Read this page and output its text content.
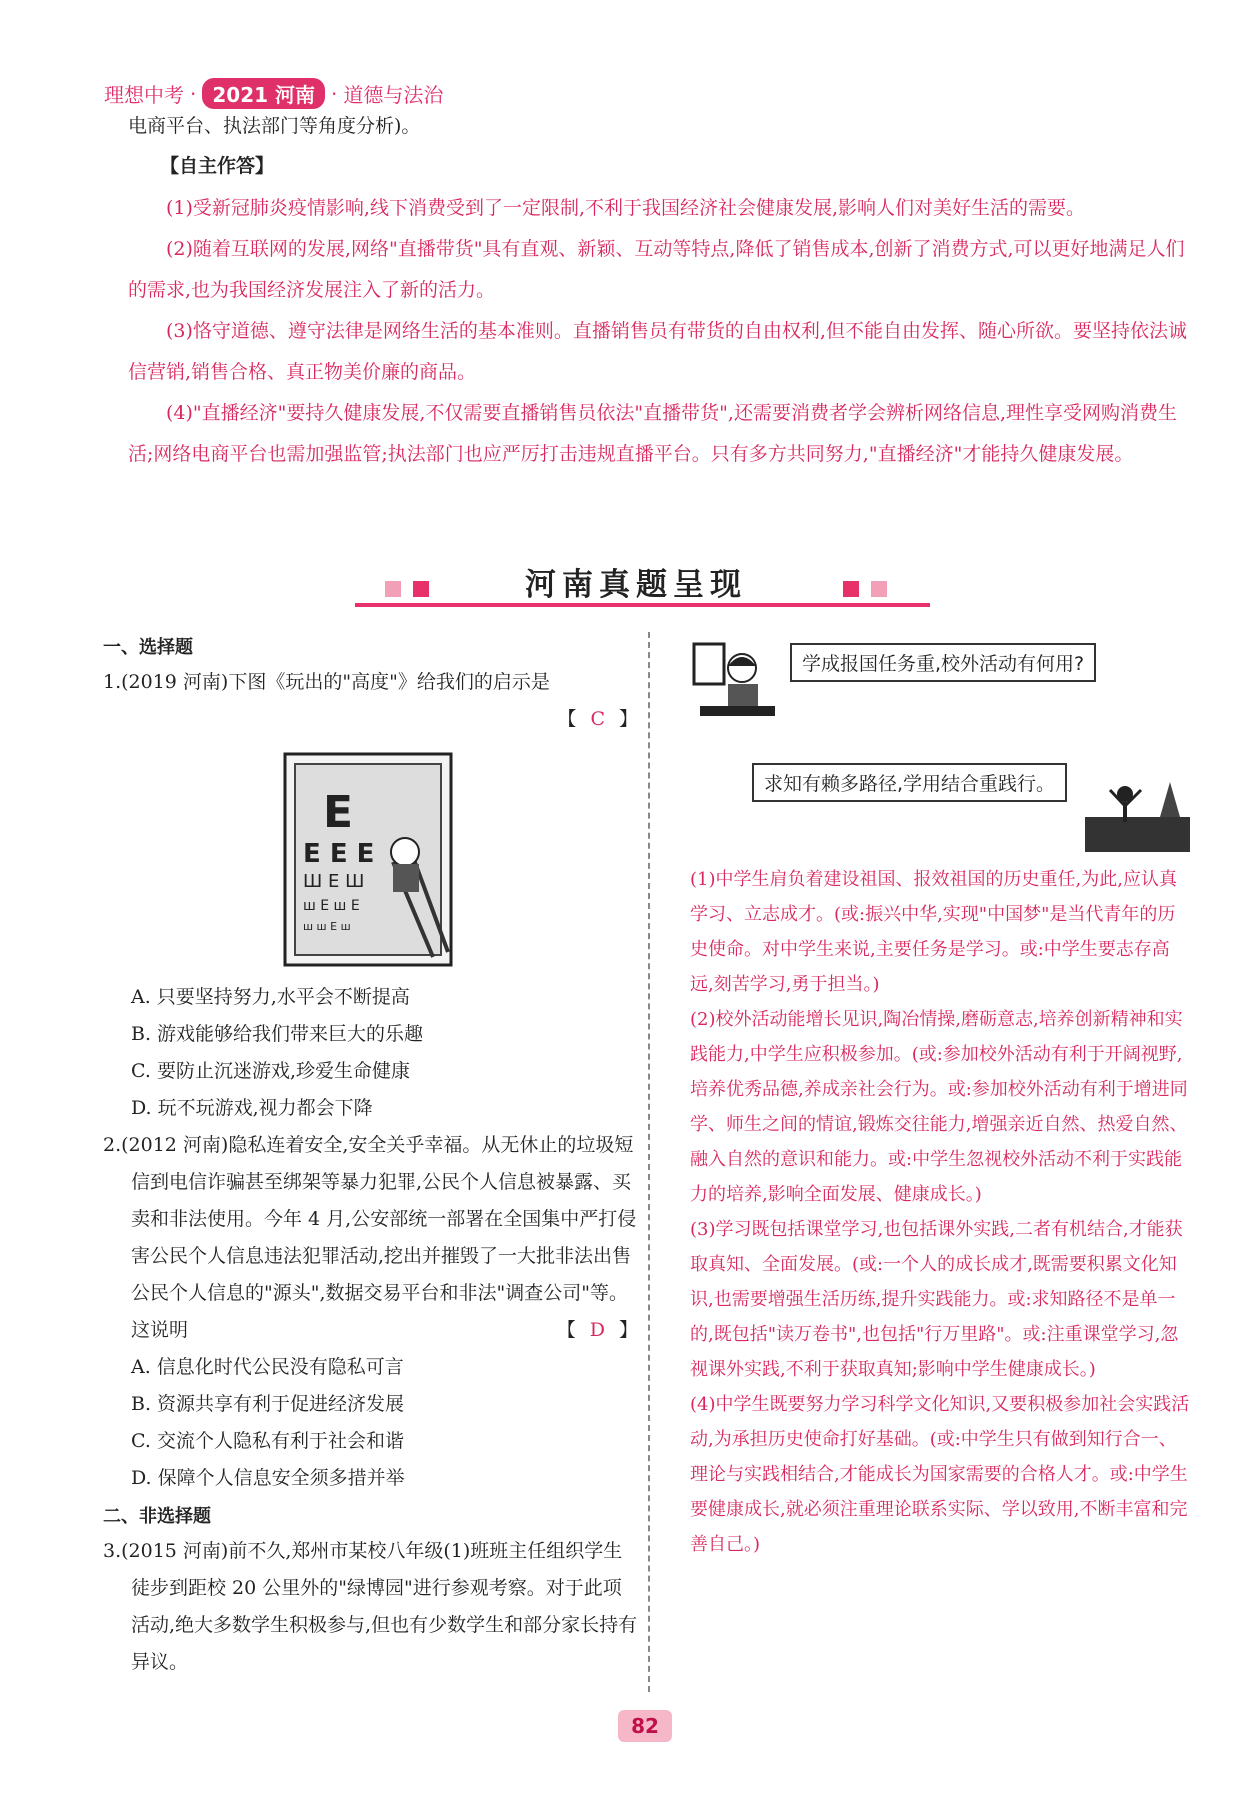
理想中考 · 2021 河南 · 道德与法治
电商平台、执法部门等角度分析)。
【自主作答】

(1)受新冠肺炎疫情影响,线下消费受到了一定限制,不利于我国经济社会健康发展,影响人们对美好生活的需要。

(2)随着互联网的发展,网络"直播带货"具有直观、新颖、互动等特点,降低了销售成本,创新了消费方式,可以更好地满足人们的需求,也为我国经济发展注入了新的活力。

(3)恪守道德、遵守法律是网络生活的基本准则。直播销售员有带货的自由权利,但不能自由发挥、随心所欲。要坚持依法诚信营销,销售合格、真正物美价廉的商品。

(4)"直播经济"要持久健康发展,不仅需要直播销售员依法"直播带货",还需要消费者学会辨析网络信息,理性享受网购消费生活;网络电商平台也需加强监管;执法部门也应严厉打击违规直播平台。只有多方共同努力,"直播经济"才能持久健康发展。

河南真题呈现
一、选择题
1.(2019 河南)下图《玩出的"高度"》给我们的启示是
【 C 】
E
E E E
Ш E Ш
ш E ш E
ш ш E ш
A. 只要坚持努力,水平会不断提高
B. 游戏能够给我们带来巨大的乐趣
C. 要防止沉迷游戏,珍爱生命健康
D. 玩不玩游戏,视力都会下降
2.(2012 河南)隐私连着安全,安全关乎幸福。从无休止的垃圾短信到电信诈骗甚至绑架等暴力犯罪,公民个人信息被暴露、买卖和非法使用。今年 4 月,公安部统一部署在全国集中严打侵害公民个人信息违法犯罪活动,挖出并摧毁了一大批非法出售公民个人信息的"源头",数据交易平台和非法"调查公司"等。这说明	【 D 】
A. 信息化时代公民没有隐私可言
B. 资源共享有利于促进经济发展
C. 交流个人隐私有利于社会和谐
D. 保障个人信息安全须多措并举
二、非选择题
3.(2015 河南)前不久,郑州市某校八年级(1)班班主任组织学生徒步到距校 20 公里外的"绿博园"进行参观考察。对于此项活动,绝大多数学生积极参与,但也有少数学生和部分家长持有异议。
学成报国任务重,校外活动有何用?
求知有赖多路径,学用结合重践行。

(1)中学生肩负着建设祖国、报效祖国的历史重任,为此,应认真学习、立志成才。(或:振兴中华,实现"中国梦"是当代青年的历史使命。对中学生来说,主要任务是学习。或:中学生要志存高远,刻苦学习,勇于担当。)

(2)校外活动能增长见识,陶冶情操,磨砺意志,培养创新精神和实践能力,中学生应积极参加。(或:参加校外活动有利于开阔视野,培养优秀品德,养成亲社会行为。或:参加校外活动有利于增进同学、师生之间的情谊,锻炼交往能力,增强亲近自然、热爱自然、融入自然的意识和能力。或:中学生忽视校外活动不利于实践能力的培养,影响全面发展、健康成长。)

(3)学习既包括课堂学习,也包括课外实践,二者有机结合,才能获取真知、全面发展。(或:一个人的成长成才,既需要积累文化知识,也需要增强生活历练,提升实践能力。或:求知路径不是单一的,既包括"读万卷书",也包括"行万里路"。或:注重课堂学习,忽视课外实践,不利于获取真知;影响中学生健康成长。)

(4)中学生既要努力学习科学文化知识,又要积极参加社会实践活动,为承担历史使命打好基础。(或:中学生只有做到知行合一、理论与实践相结合,才能成长为国家需要的合格人才。或:中学生要健康成长,就必须注重理论联系实际、学以致用,不断丰富和完善自己。)

82
